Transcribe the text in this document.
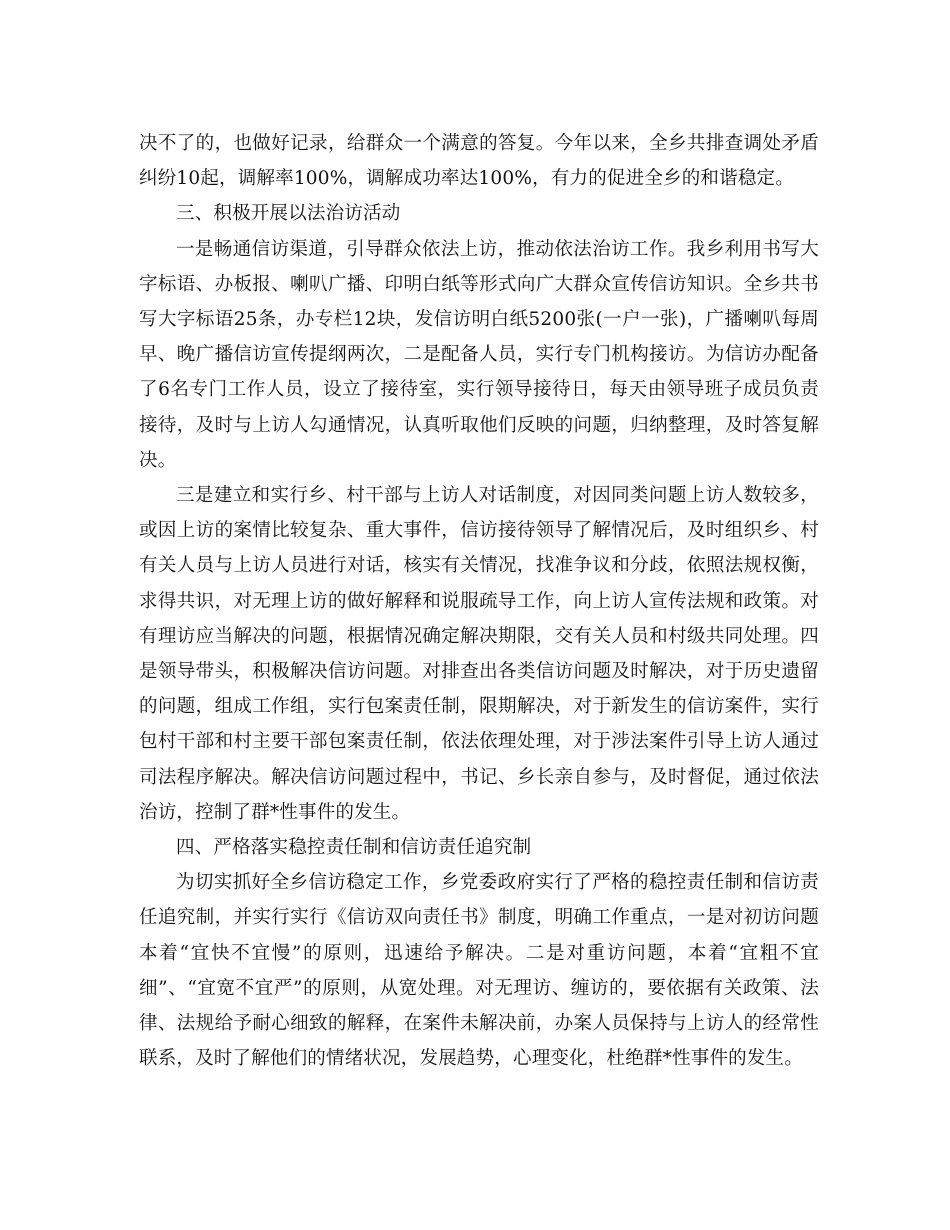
决不了的，也做好记录，给群众一个满意的答复。今年以来，全乡共排查调处矛盾纠纷10起，调解率100%，调解成功率达100%，有力的促进全乡的和谐稳定。

三、积极开展以法治访活动

一是畅通信访渠道，引导群众依法上访，推动依法治访工作。我乡利用书写大字标语、办板报、喇叭广播、印明白纸等形式向广大群众宣传信访知识。全乡共书写大字标语25条，办专栏12块，发信访明白纸5200张(一户一张)，广播喇叭每周早、晚广播信访宣传提纲两次，二是配备人员，实行专门机构接访。为信访办配备了6名专门工作人员，设立了接待室，实行领导接待日，每天由领导班子成员负责接待，及时与上访人勾通情况，认真听取他们反映的问题，归纳整理，及时答复解决。

三是建立和实行乡、村干部与上访人对话制度，对因同类问题上访人数较多，或因上访的案情比较复杂、重大事件，信访接待领导了解情况后，及时组织乡、村有关人员与上访人员进行对话，核实有关情况，找准争议和分歧，依照法规权衡，求得共识，对无理上访的做好解释和说服疏导工作，向上访人宣传法规和政策。对有理访应当解决的问题，根据情况确定解决期限，交有关人员和村级共同处理。四是领导带头，积极解决信访问题。对排查出各类信访问题及时解决，对于历史遗留的问题，组成工作组，实行包案责任制，限期解决，对于新发生的信访案件，实行包村干部和村主要干部包案责任制，依法依理处理，对于涉法案件引导上访人通过司法程序解决。解决信访问题过程中，书记、乡长亲自参与，及时督促，通过依法治访，控制了群*性事件的发生。

四、严格落实稳控责任制和信访责任追究制

为切实抓好全乡信访稳定工作，乡党委政府实行了严格的稳控责任制和信访责任追究制，并实行实行《信访双向责任书》制度，明确工作重点，一是对初访问题本着“宜快不宜慢”的原则，迅速给予解决。二是对重访问题，本着“宜粗不宜细”、“宜宽不宜严”的原则，从宽处理。对无理访、缠访的，要依据有关政策、法律、法规给予耐心细致的解释，在案件未解决前，办案人员保持与上访人的经常性联系，及时了解他们的情绪状况，发展趋势，心理变化，杜绝群*性事件的发生。
